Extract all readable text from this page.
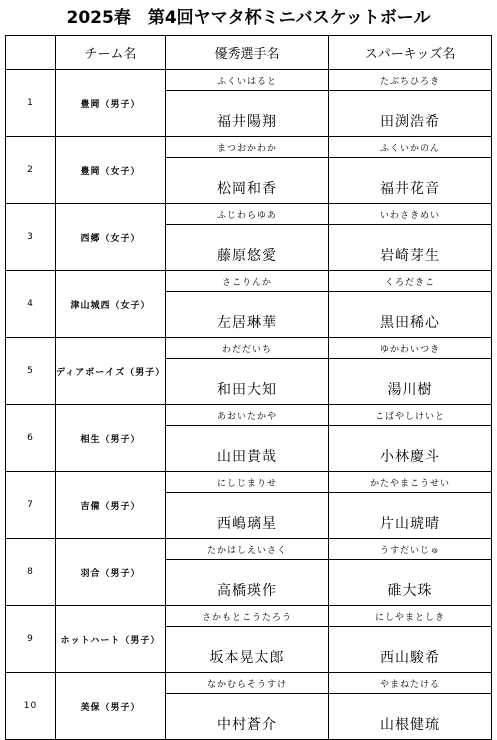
2025春　第4回ヤマタ杯ミニバスケットボール
	チーム名	優秀選手名	スパーキッズ名
1	豊岡（男子）	ふくいはると	たぶちひろき
		福井陽翔	田渕浩希
2	豊岡（女子）	まつおかわか	ふくいかのん
		松岡和香	福井花音
3	西郷（女子）	ふじわらゆあ	いわさきめい
		藤原悠愛	岩崎芽生
4	津山城西（女子）	さこりんか	くろだきこ
		左居琳華	黒田稀心
5	ディアボーイズ（男子）	わだだいち	ゆかわいつき
		和田大知	湯川樹
6	相生（男子）	あおいたかや	こばやしけいと
		山田貴哉	小林慶斗
7	吉備（男子）	にしじまりせ	かたやまこうせい
		西嶋璃星	片山琥晴
8	羽合（男子）	たかはしえいさく	うすだいじゅ
		高橋瑛作	碓大珠
9	ホットハート（男子）	さかもとこうたろう	にしやまとしき
		坂本晃太郎	西山駿希
10	美保（男子）	なかむらそうすけ	やまねたける
		中村蒼介	山根健琉
